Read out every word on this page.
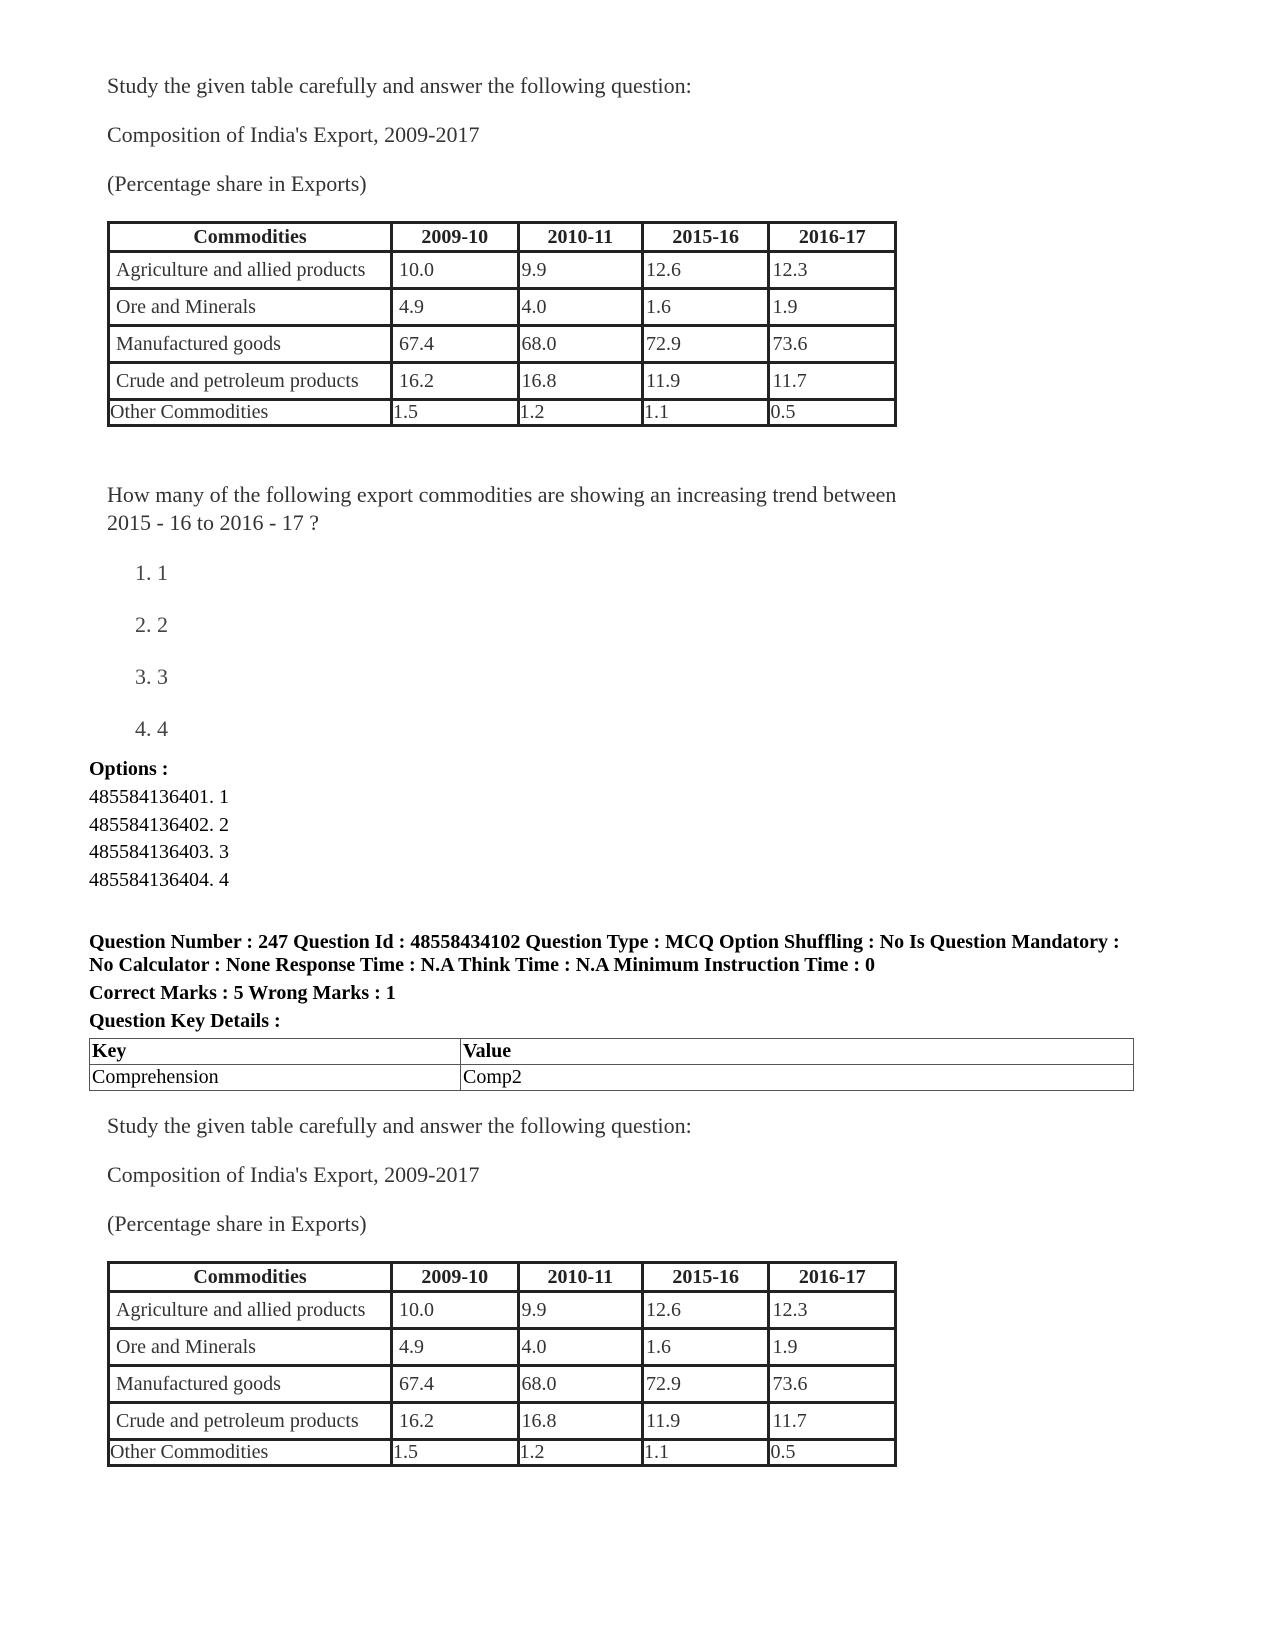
Study the given table carefully and answer the following question:
Composition of India's Export, 2009-2017
(Percentage share in Exports)
Commodities	2009-10	2010-11	2015-16	2016-17
Agriculture and allied products	10.0	9.9	12.6	12.3
Ore and Minerals	4.9	4.0	1.6	1.9
Manufactured goods	67.4	68.0	72.9	73.6
Crude and petroleum products	16.2	16.8	11.9	11.7
Other Commodities	1.5	1.2	1.1	0.5
How many of the following export commodities are showing an increasing trend between
2015 - 16 to 2016 - 17 ?
1. 1
2. 2
3. 3
4. 4
Options :
485584136401. 1
485584136402. 2
485584136403. 3
485584136404. 4
Question Number : 247 Question Id : 48558434102 Question Type : MCQ Option Shuffling : No Is Question Mandatory :
No Calculator : None Response Time : N.A Think Time : N.A Minimum Instruction Time : 0
Correct Marks : 5 Wrong Marks : 1
Question Key Details :
Key	Value
Comprehension	Comp2
Study the given table carefully and answer the following question:
Composition of India's Export, 2009-2017
(Percentage share in Exports)
Commodities	2009-10	2010-11	2015-16	2016-17
Agriculture and allied products	10.0	9.9	12.6	12.3
Ore and Minerals	4.9	4.0	1.6	1.9
Manufactured goods	67.4	68.0	72.9	73.6
Crude and petroleum products	16.2	16.8	11.9	11.7
Other Commodities	1.5	1.2	1.1	0.5
